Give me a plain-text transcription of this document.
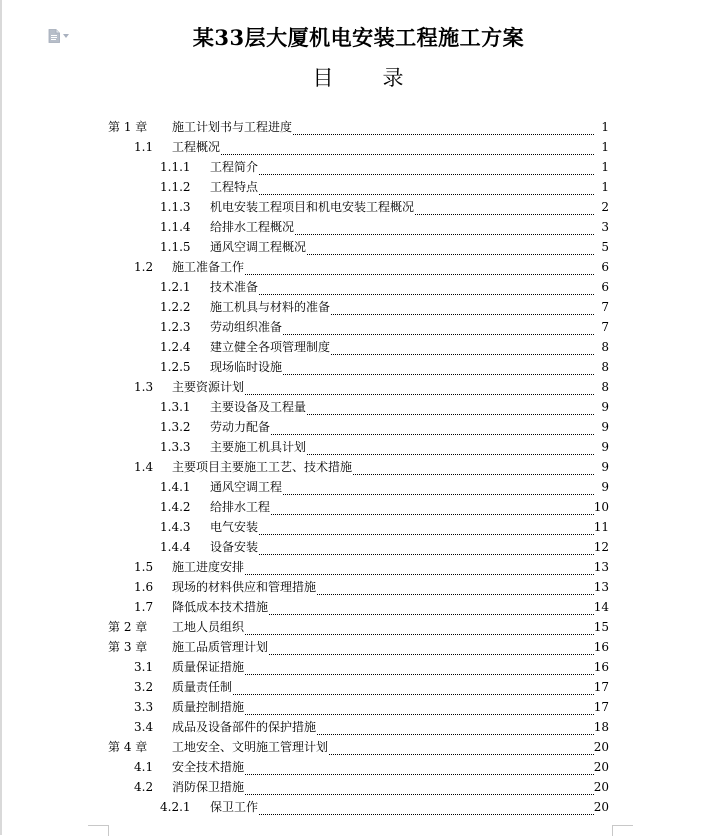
某33层大厦机电安装工程施工方案
目 录
第 1 章 施工计划书与工程进度	1
1.1 工程概况	1
1.1.1 工程简介	1
1.1.2 工程特点	1
1.1.3 机电安装工程项目和机电安装工程概况	2
1.1.4 给排水工程概况	3
1.1.5 通风空调工程概况	5
1.2 施工准备工作	6
1.2.1 技术准备	6
1.2.2 施工机具与材料的准备	7
1.2.3 劳动组织准备	7
1.2.4 建立健全各项管理制度	8
1.2.5 现场临时设施	8
1.3 主要资源计划	8
1.3.1 主要设备及工程量	9
1.3.2 劳动力配备	9
1.3.3 主要施工机具计划	9
1.4 主要项目主要施工工艺、技术措施	9
1.4.1 通风空调工程	9
1.4.2 给排水工程	10
1.4.3 电气安装	11
1.4.4 设备安装	12
1.5 施工进度安排	13
1.6 现场的材料供应和管理措施	13
1.7 降低成本技术措施	14
第 2 章 工地人员组织	15
第 3 章 施工品质管理计划	16
3.1 质量保证措施	16
3.2 质量责任制	17
3.3 质量控制措施	17
3.4 成品及设备部件的保护措施	18
第 4 章 工地安全、文明施工管理计划	20
4.1 安全技术措施	20
4.2 消防保卫措施	20
4.2.1 保卫工作	20
